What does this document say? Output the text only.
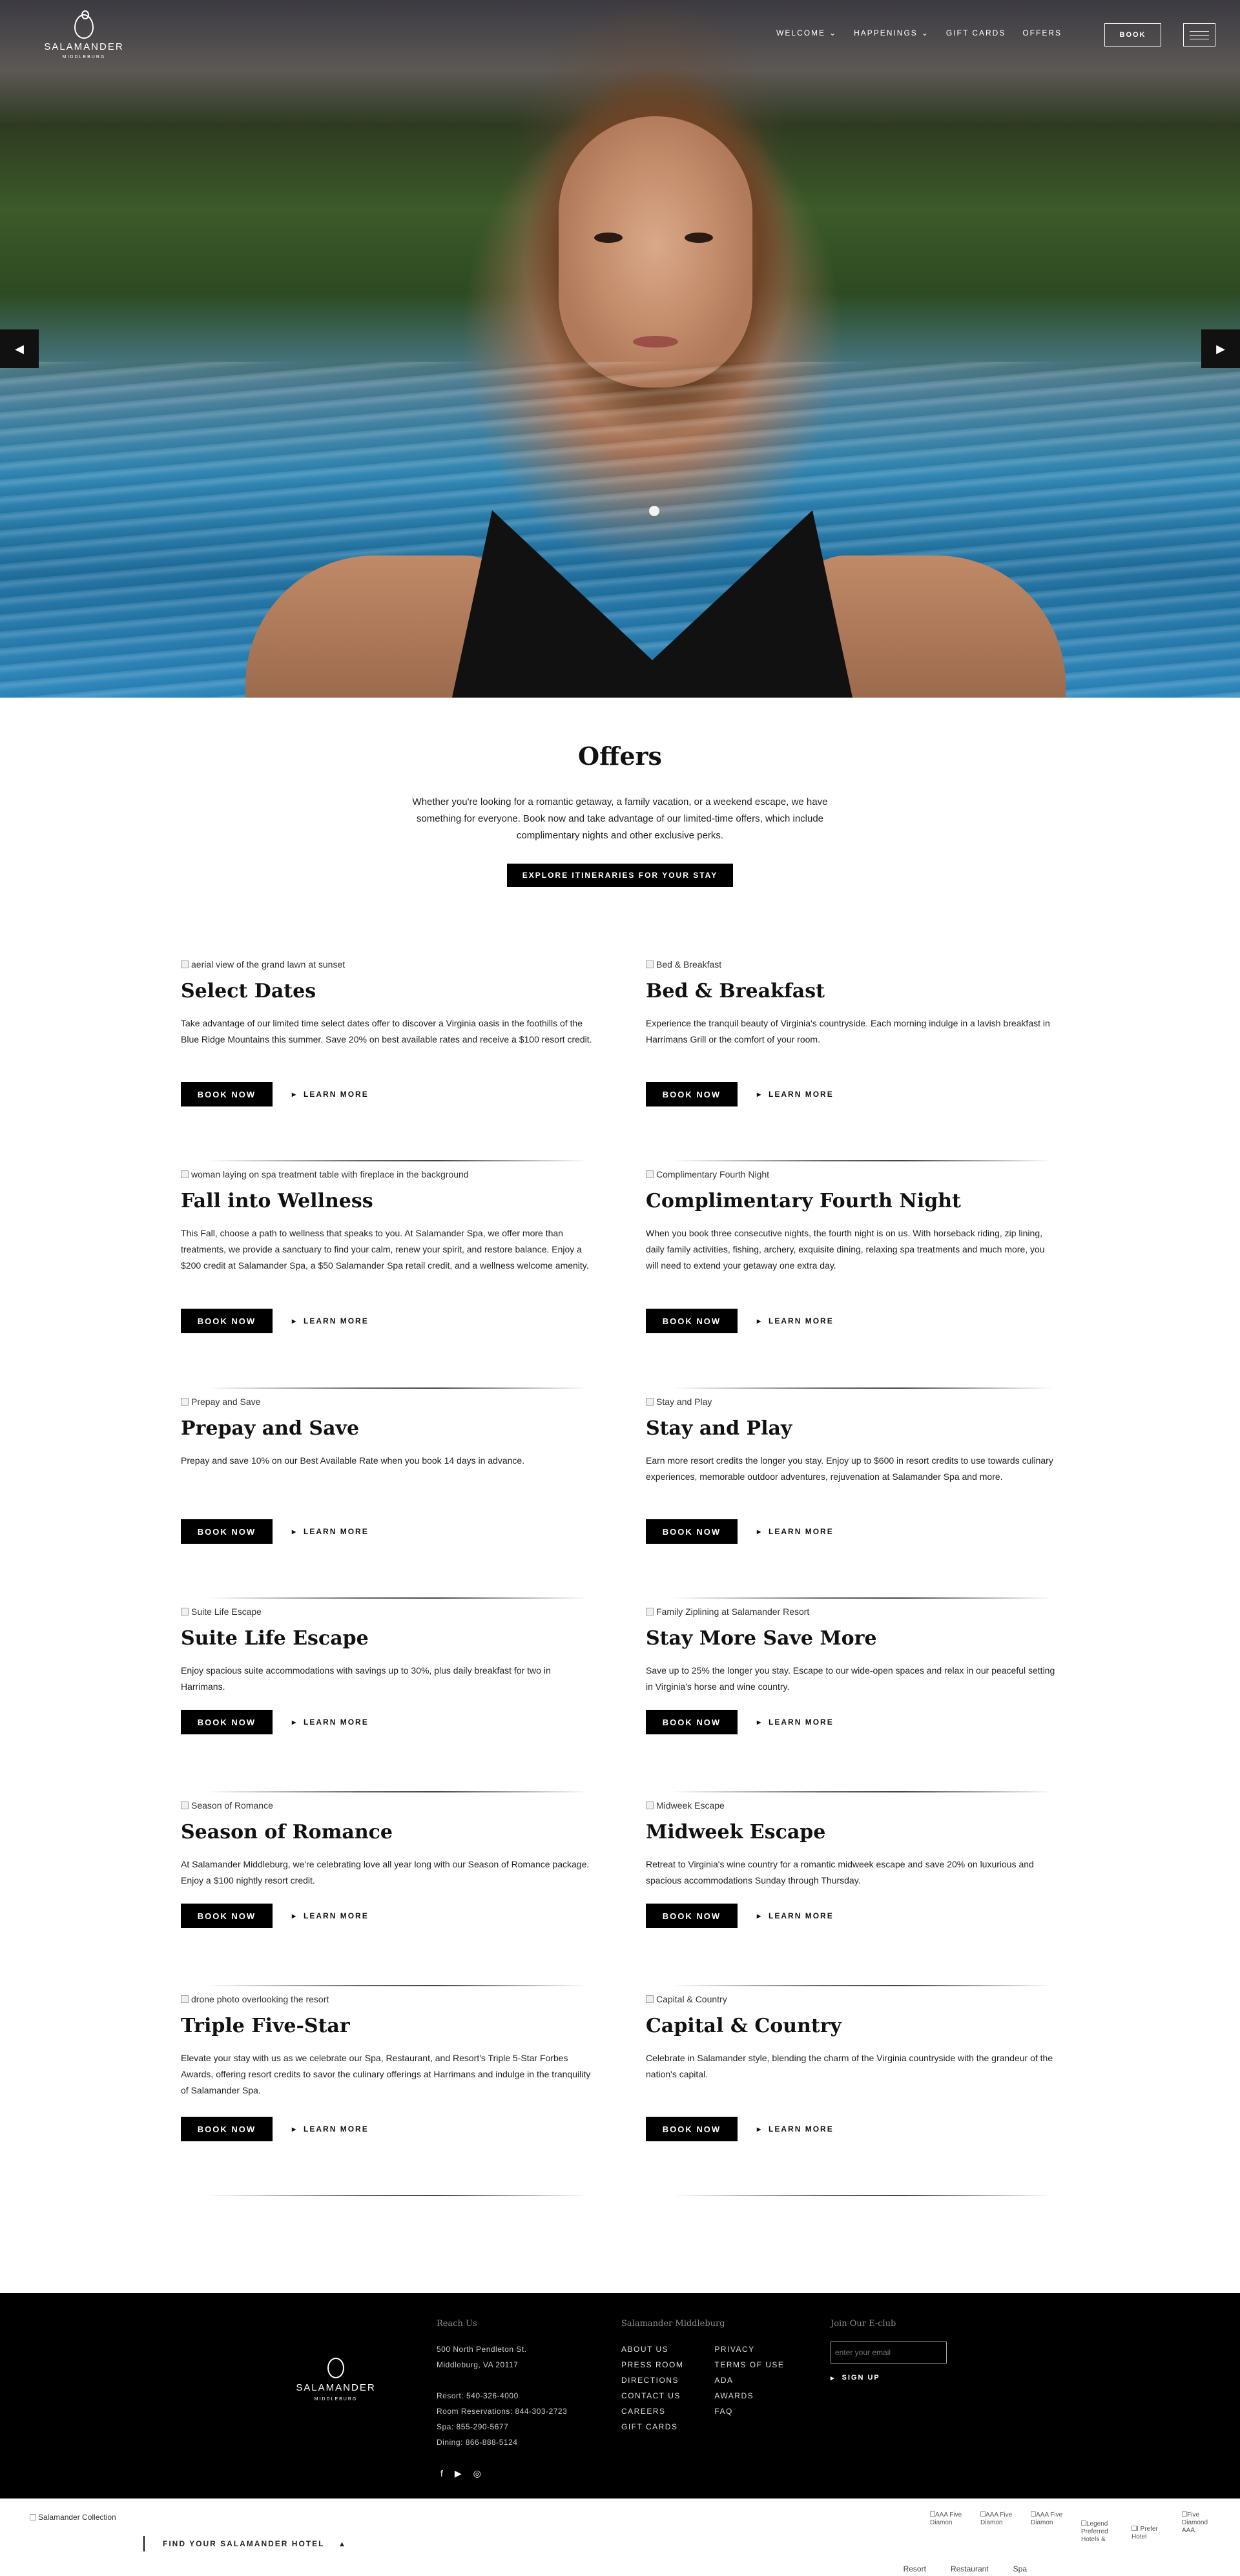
SALAMANDER
MIDDLEBURG
WELCOME ⌄ HAPPENINGS ⌄ GIFT CARDS OFFERS	BOOK
◀	▶
Offers

Whether you're looking for a romantic getaway, a family vacation, or a weekend escape, we have something for everyone. Book now and take advantage of our limited-time offers, which include complimentary nights and other exclusive perks.

EXPLORE ITINERARIES FOR YOUR STAY
aerial view of the grand lawn at sunset
Select Dates

Take advantage of our limited time select dates offer to discover a Virginia oasis in the foothills of the Blue Ridge Mountains this summer. Save 20% on best available rates and receive a $100 resort credit.

BOOK NOW	▸ LEARN MORE
Bed & Breakfast
Bed & Breakfast

Experience the tranquil beauty of Virginia's countryside. Each morning indulge in a lavish breakfast in Harrimans Grill or the comfort of your room.

BOOK NOW	▸ LEARN MORE
woman laying on spa treatment table with fireplace in the background
Fall into Wellness

This Fall, choose a path to wellness that speaks to you. At Salamander Spa, we offer more than treatments, we provide a sanctuary to find your calm, renew your spirit, and restore balance. Enjoy a $200 credit at Salamander Spa, a $50 Salamander Spa retail credit, and a wellness welcome amenity.

BOOK NOW	▸ LEARN MORE
Complimentary Fourth Night
Complimentary Fourth Night

When you book three consecutive nights, the fourth night is on us. With horseback riding, zip lining, daily family activities, fishing, archery, exquisite dining, relaxing spa treatments and much more, you will need to extend your getaway one extra day.

BOOK NOW	▸ LEARN MORE
Prepay and Save
Prepay and Save

Prepay and save 10% on our Best Available Rate when you book 14 days in advance.

BOOK NOW	▸ LEARN MORE
Stay and Play
Stay and Play

Earn more resort credits the longer you stay. Enjoy up to $600 in resort credits to use towards culinary experiences, memorable outdoor adventures, rejuvenation at Salamander Spa and more.

BOOK NOW	▸ LEARN MORE
Suite Life Escape
Suite Life Escape

Enjoy spacious suite accommodations with savings up to 30%, plus daily breakfast for two in Harrimans.

BOOK NOW	▸ LEARN MORE
Family Ziplining at Salamander Resort
Stay More Save More

Save up to 25% the longer you stay. Escape to our wide-open spaces and relax in our peaceful setting in Virginia's horse and wine country.

BOOK NOW	▸ LEARN MORE
Season of Romance
Season of Romance

At Salamander Middleburg, we're celebrating love all year long with our Season of Romance package. Enjoy a $100 nightly resort credit.

BOOK NOW	▸ LEARN MORE
Midweek Escape
Midweek Escape

Retreat to Virginia's wine country for a romantic midweek escape and save 20% on luxurious and spacious accommodations Sunday through Thursday.

BOOK NOW	▸ LEARN MORE
drone photo overlooking the resort
Triple Five-Star

Elevate your stay with us as we celebrate our Spa, Restaurant, and Resort's Triple 5-Star Forbes Awards, offering resort credits to savor the culinary offerings at Harrimans and indulge in the tranquility of Salamander Spa.

BOOK NOW	▸ LEARN MORE
Capital & Country
Capital & Country

Celebrate in Salamander style, blending the charm of the Virginia countryside with the grandeur of the nation's capital.

BOOK NOW	▸ LEARN MORE
SALAMANDER
MIDDLEBURG
Reach Us
500 North Pendleton St.
Middleburg, VA 20117
Resort: 540-326-4000
Room Reservations: 844-303-2723
Spa: 855-290-5677
Dining: 866-888-5124
f ▶ ◎
Salamander Middleburg
ABOUT US
PRESS ROOM
DIRECTIONS
CONTACT US
CAREERS
GIFT CARDS
PRIVACY
TERMS OF USE
ADA
AWARDS
FAQ
Join Our E-club
enter your email
▸ SIGN UP
Salamander Collection
FIND YOUR SALAMANDER HOTEL ▴
AAA Five Diamon
AAA Five Diamon
AAA Five Diamon	Legend Preferred Hotels &
I Prefer Hotel
Five Diamond AAA
Resort	Restaurant	Spa
